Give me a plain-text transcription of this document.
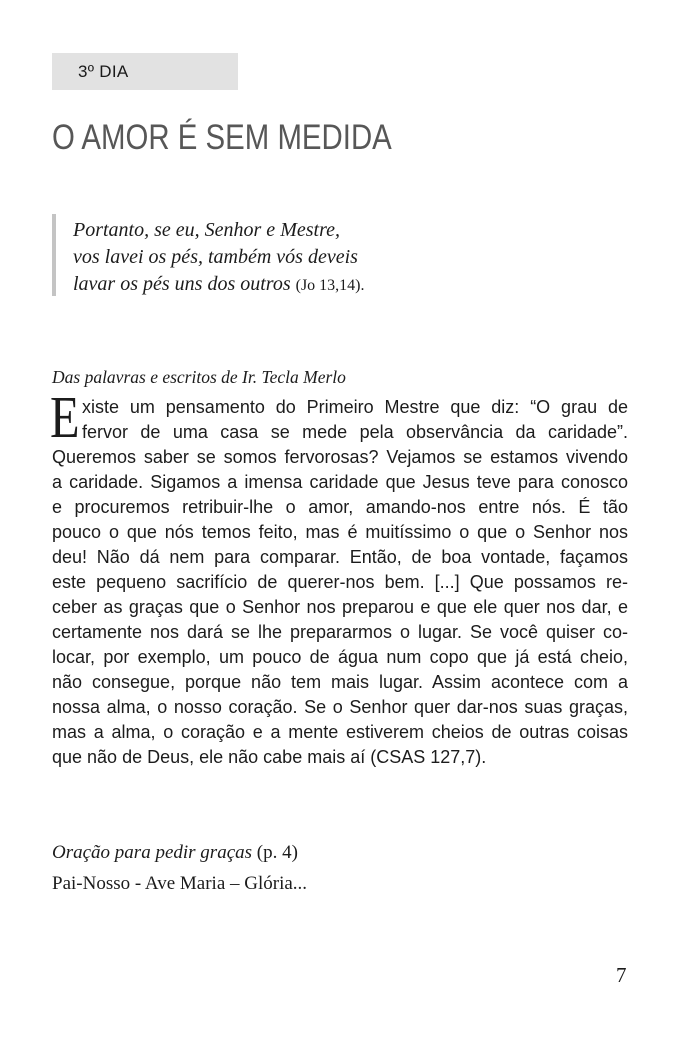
3º DIA
O AMOR É SEM MEDIDA
Portanto, se eu, Senhor e Mestre,
vos lavei os pés, também vós deveis
lavar os pés uns dos outros (Jo 13,14).
Das palavras e escritos de Ir. Tecla Merlo
E xiste um pensamento do Primeiro Mestre que diz: “O grau de
fervor de uma casa se mede pela observância da caridade”.
Queremos saber se somos fervorosas? Vejamos se estamos vivendo
a caridade. Sigamos a imensa caridade que Jesus teve para conosco
e procuremos retribuir-lhe o amor, amando-nos entre nós. É tão
pouco o que nós temos feito, mas é muitíssimo o que o Senhor nos
deu! Não dá nem para comparar. Então, de boa vontade, façamos
este pequeno sacrifício de querer-nos bem. [...] Que possamos re-
ceber as graças que o Senhor nos preparou e que ele quer nos dar, e
certamente nos dará se lhe prepararmos o lugar. Se você quiser co-
locar, por exemplo, um pouco de água num copo que já está cheio,
não consegue, porque não tem mais lugar. Assim acontece com a
nossa alma, o nosso coração. Se o Senhor quer dar-nos suas graças,
mas a alma, o coração e a mente estiverem cheios de outras coisas
que não de Deus, ele não cabe mais aí (CSAS 127,7).
Oração para pedir graças (p. 4)
Pai-Nosso - Ave Maria – Glória...
7
